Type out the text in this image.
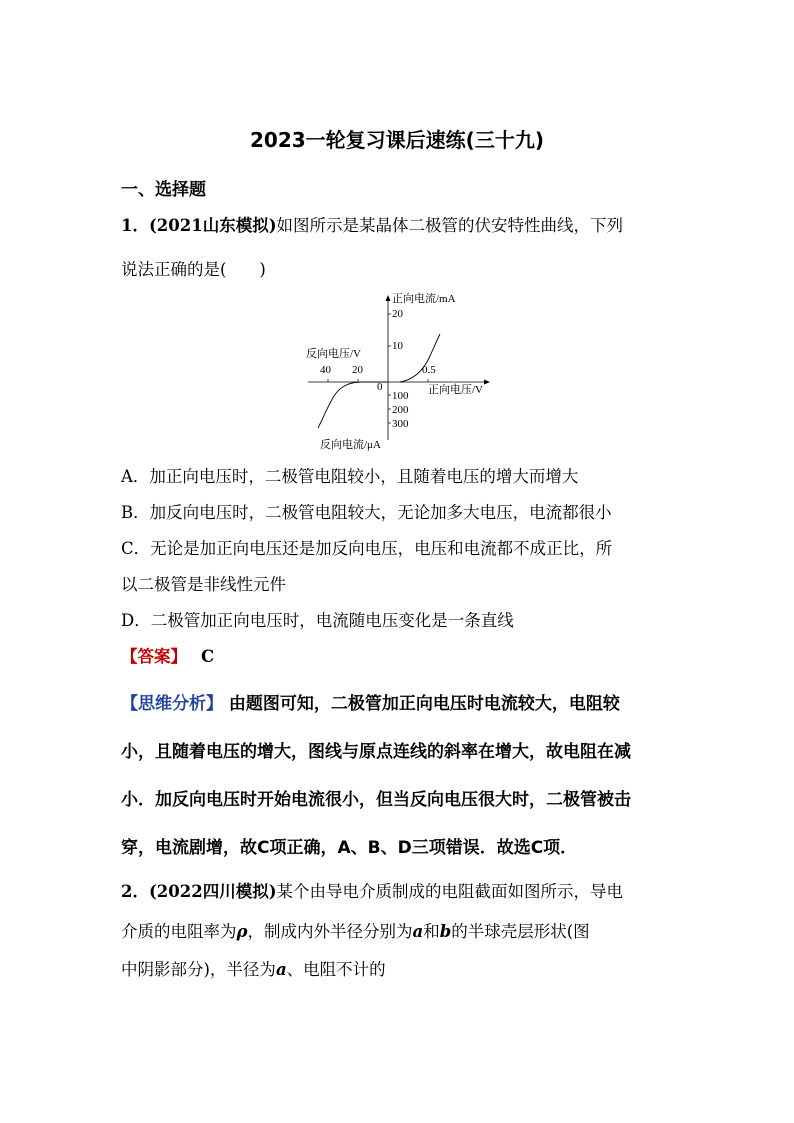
2023一轮复习课后速练(三十九)
一、选择题
1．(2021山东模拟)如图所示是某晶体二极管的伏安特性曲线，下列
说法正确的是(　　)
正向电流/mA
20
10
反向电压/V
40 20	0.5
0	正向电压/V
100
200
300
反向电流/μA
A．加正向电压时，二极管电阻较小，且随着电压的增大而增大
B．加反向电压时，二极管电阻较大，无论加多大电压，电流都很小
C．无论是加正向电压还是加反向电压，电压和电流都不成正比，所
以二极管是非线性元件
D．二极管加正向电压时，电流随电压变化是一条直线
【答案】 C
【思维分析】 由题图可知，二极管加正向电压时电流较大，电阻较
小，且随着电压的增大，图线与原点连线的斜率在增大，故电阻在减
小．加反向电压时开始电流很小，但当反向电压很大时，二极管被击
穿，电流剧增，故C项正确，A、B、D三项错误．故选C项．
2．(2022四川模拟)某个由导电介质制成的电阻截面如图所示，导电
介质的电阻率为ρ，制成内外半径分别为a和b的半球壳层形状(图
中阴影部分)，半径为a、电阻不计的
